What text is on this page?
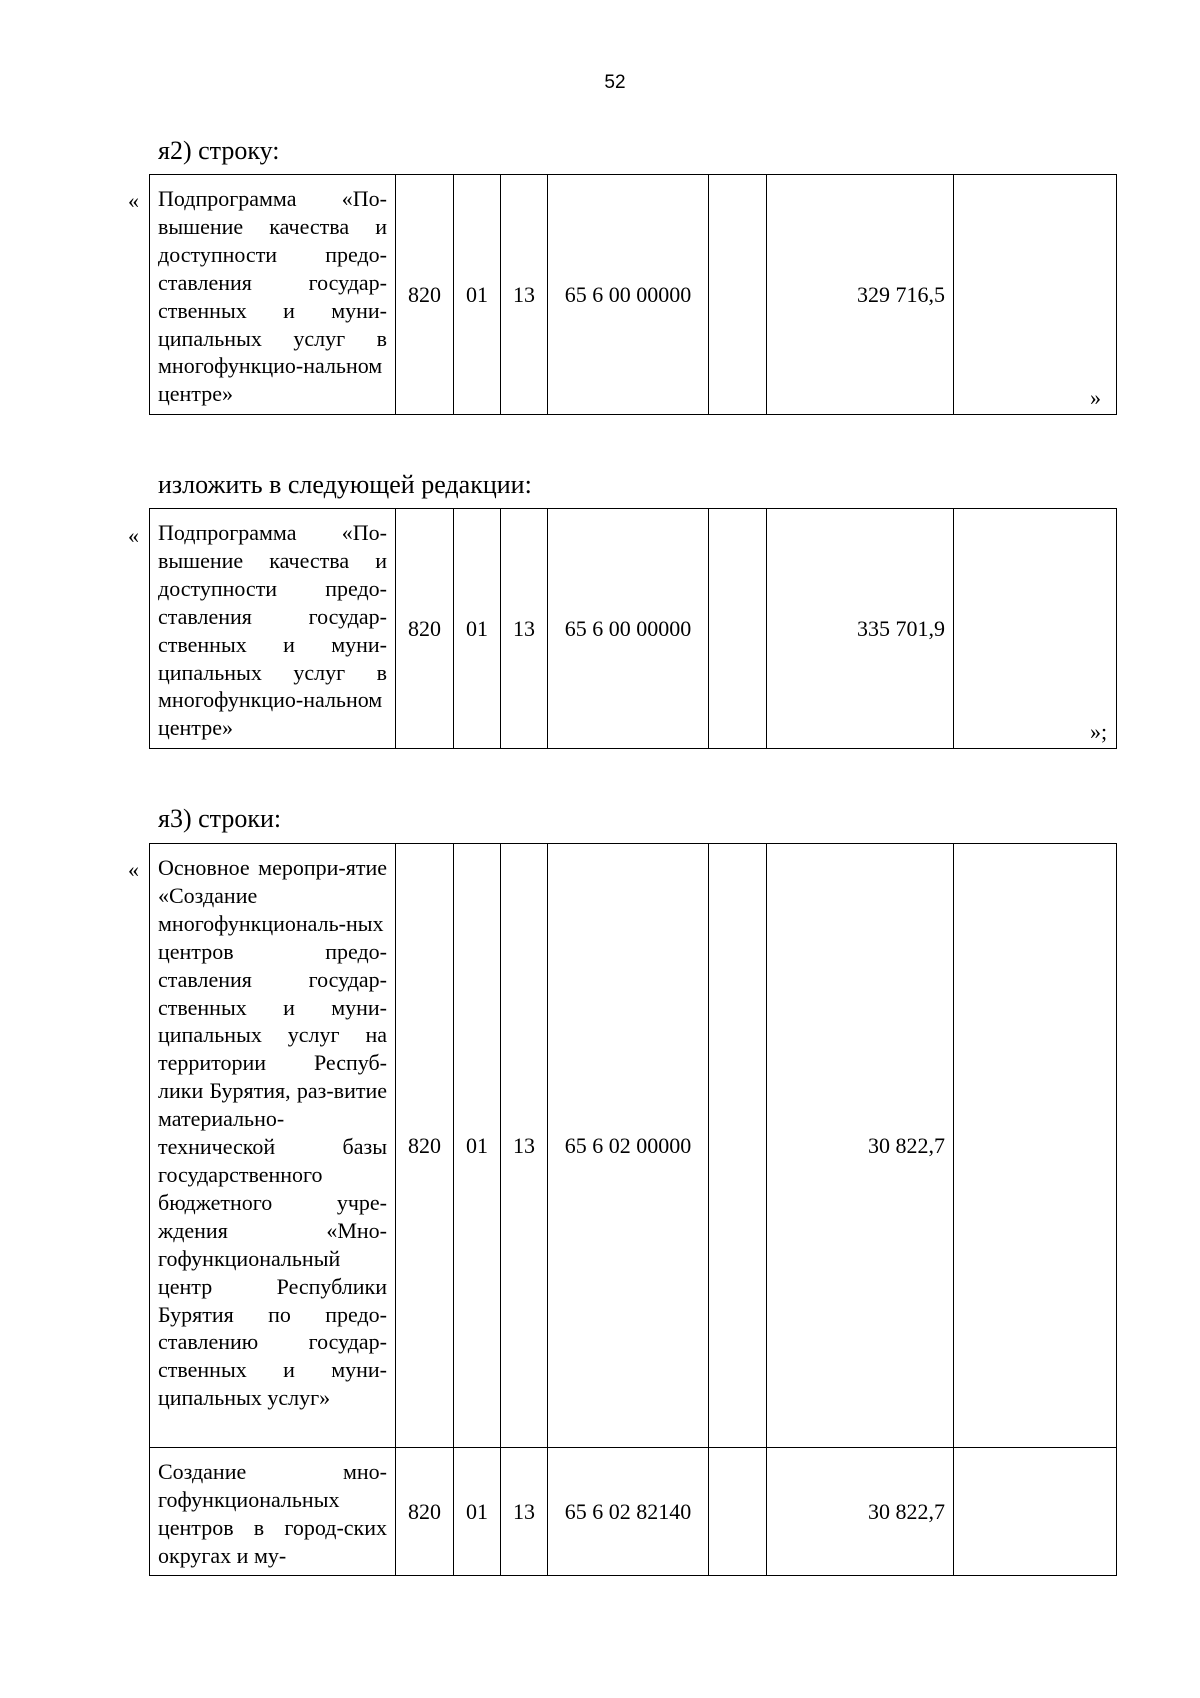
52
я2) строку:
« Подпрограмма «По-вышение качества и доступности предо-ставления государ-ственных и муни-ципальных услуг в многофункцио-нальном центре»
	820	01	13	65 6 00 00000		329 716,5	
»
изложить в следующей редакции:
« Подпрограмма «По-вышение качества и доступности предо-ставления государ-ственных и муни-ципальных услуг в многофункцио-нальном центре»
	820	01	13	65 6 00 00000		335 701,9	
»;
я3) строки:
« Основное меропри-ятие «Создание многофункциональ-ных центров предо-ставления государ-ственных и муни-ципальных услуг на территории Респуб-лики Бурятия, раз-витие материально-технической базы государственного бюджетного учре-ждения «Мно-гофункциональный центр Республики Бурятия по предо-ставлению государ-ственных и муни-ципальных услуг»	820	01	13	65 6 02 00000		30 822,7	

Создание мно-гофункциональных центров в город-ских округах и му-	820	01	13	65 6 02 82140		30 822,7	
